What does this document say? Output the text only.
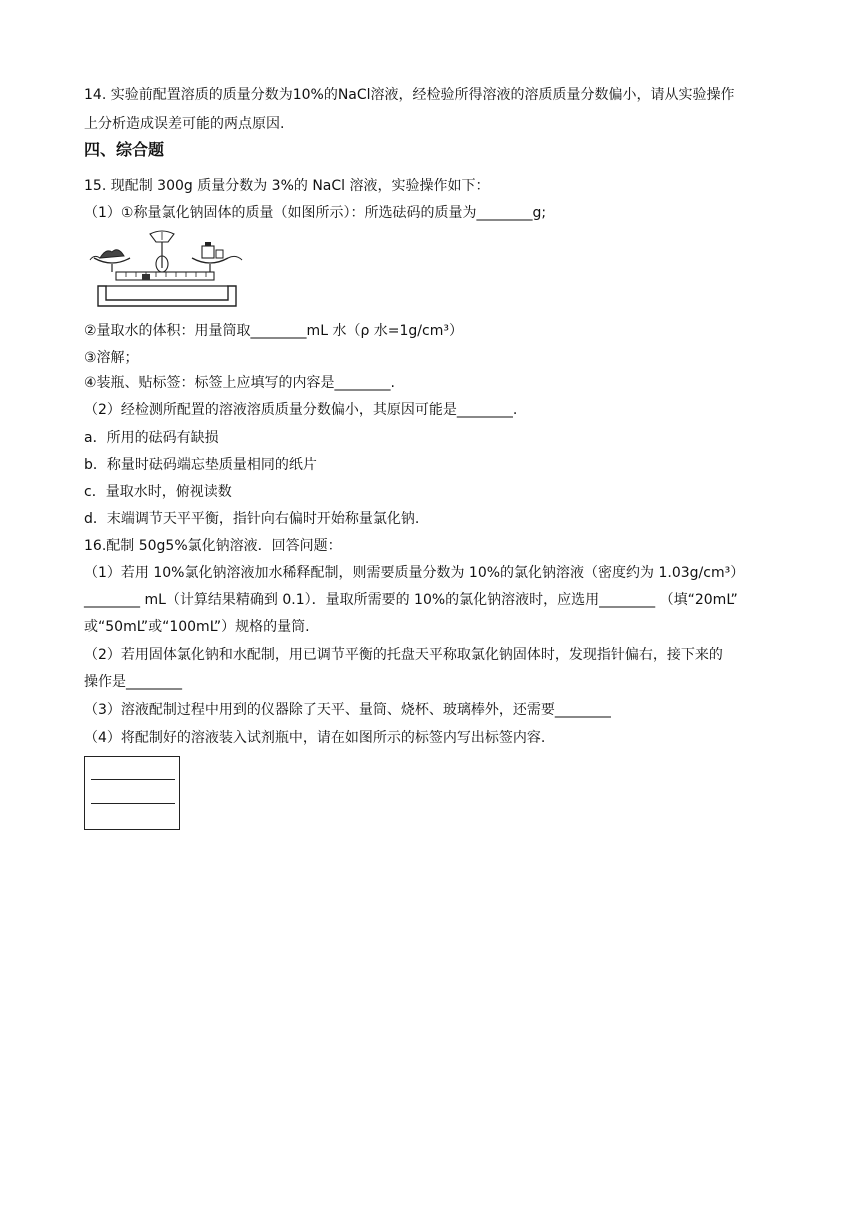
14. 实验前配置溶质的质量分数为10%的NaCl溶液，经检验所得溶液的溶质质量分数偏小，请从实验操作
上分析造成误差可能的两点原因.
四、综合题
15. 现配制 300g 质量分数为 3%的 NaCl 溶液，实验操作如下：
（1）①称量氯化钠固体的质量（如图所示）：所选砝码的质量为________g;
②量取水的体积：用量筒取________mL 水（ρ 水=1g/cm³）
③溶解；
④装瓶、贴标签：标签上应填写的内容是________.
（2）经检测所配置的溶液溶质质量分数偏小，其原因可能是________.
a．所用的砝码有缺损
b．称量时砝码端忘垫质量相同的纸片
c．量取水时，俯视读数
d．末端调节天平平衡，指针向右偏时开始称量氯化钠.
16.配制 50g5%氯化钠溶液．回答问题：
（1）若用 10%氯化钠溶液加水稀释配制，则需要质量分数为 10%的氯化钠溶液（密度约为 1.03g/cm³）
________ mL（计算结果精确到 0.1）．量取所需要的 10%的氯化钠溶液时，应选用________ （填“20mL”
或“50mL”或“100mL”）规格的量筒.
（2）若用固体氯化钠和水配制，用已调节平衡的托盘天平称取氯化钠固体时，发现指针偏右，接下来的
操作是________
（3）溶液配制过程中用到的仪器除了天平、量筒、烧杯、玻璃棒外，还需要________
（4）将配制好的溶液装入试剂瓶中，请在如图所示的标签内写出标签内容.
